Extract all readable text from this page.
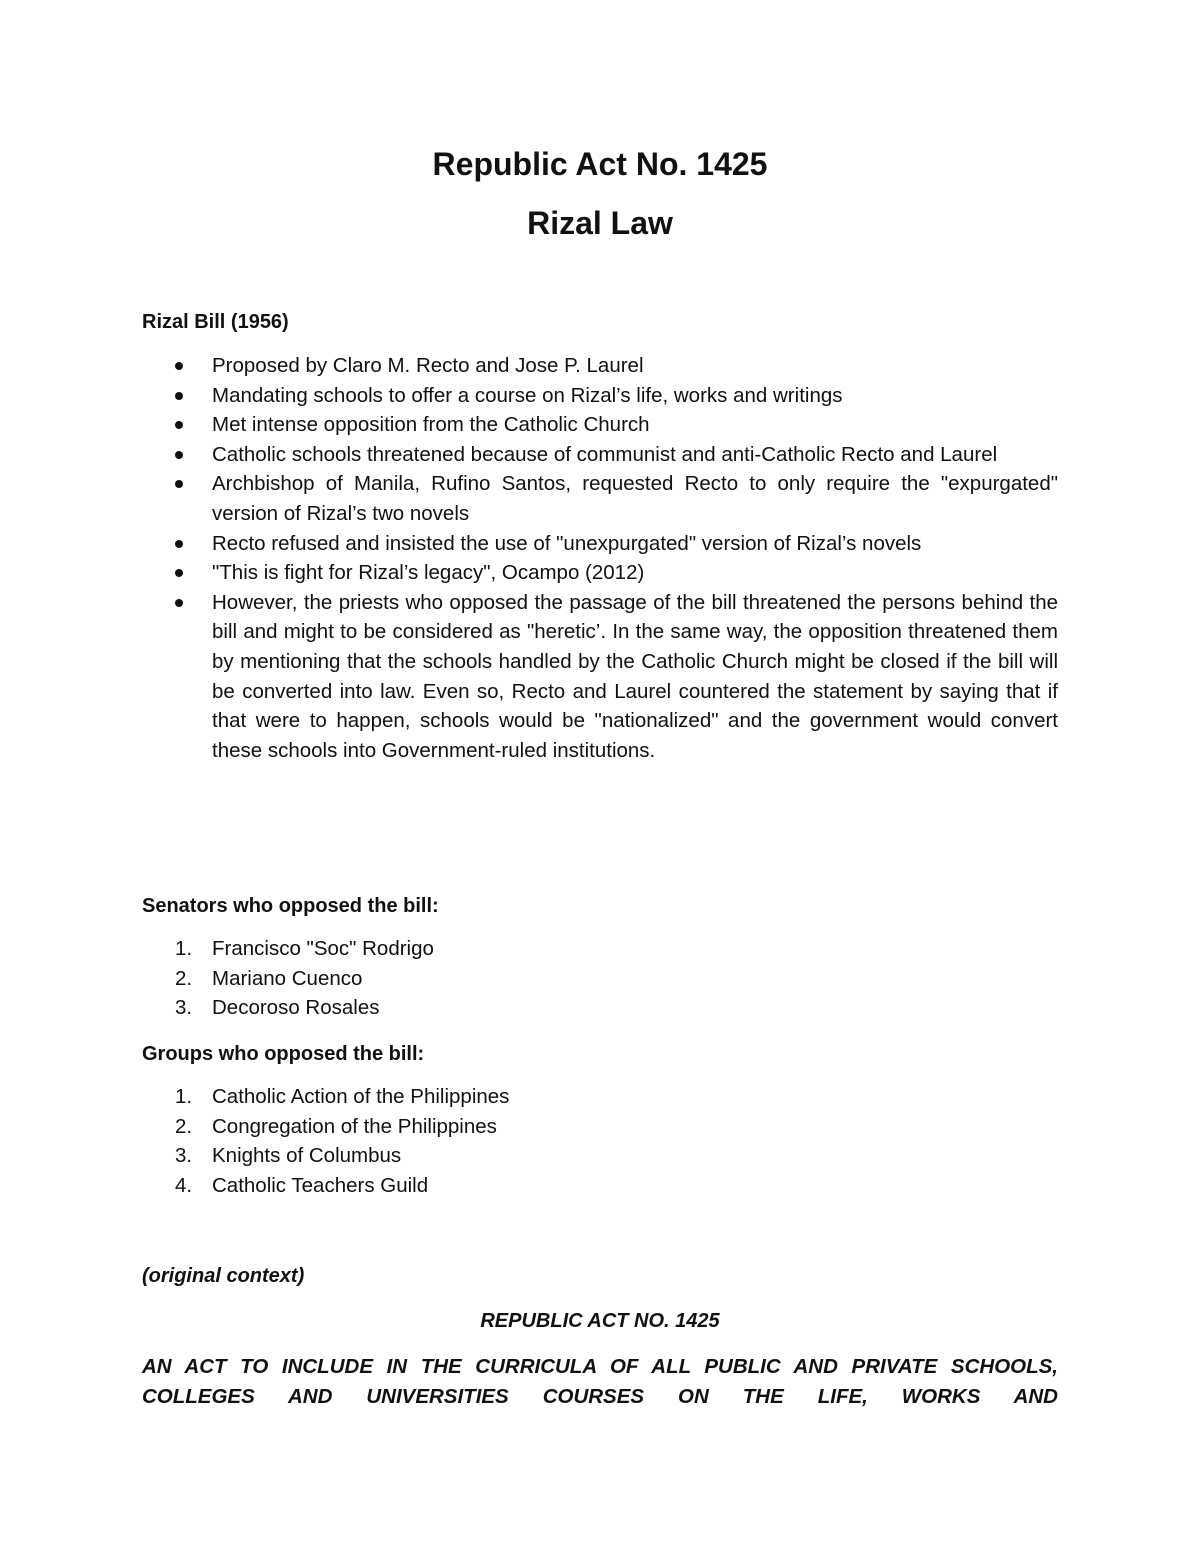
Republic Act No. 1425
Rizal Law
Rizal Bill (1956)
Proposed by Claro M. Recto and Jose P. Laurel
Mandating schools to offer a course on Rizal’s life, works and writings
Met intense opposition from the Catholic Church
Catholic schools threatened because of communist and anti-Catholic Recto and Laurel
Archbishop of Manila, Rufino Santos, requested Recto to only require the "expurgated" version of Rizal’s two novels
Recto refused and insisted the use of "unexpurgated" version of Rizal’s novels
"This is fight for Rizal’s legacy", Ocampo (2012)
However, the priests who opposed the passage of the bill threatened the persons behind the bill and might to be considered as "heretic’. In the same way, the opposition threatened them by mentioning that the schools handled by the Catholic Church might be closed if the bill will be converted into law. Even so, Recto and Laurel countered the statement by saying that if that were to happen, schools would be "nationalized" and the government would convert these schools into Government-ruled institutions.
Senators who opposed the bill:
1. Francisco "Soc" Rodrigo
2. Mariano Cuenco
3. Decoroso Rosales
Groups who opposed the bill:
1. Catholic Action of the Philippines
2. Congregation of the Philippines
3. Knights of Columbus
4. Catholic Teachers Guild

(original context)

REPUBLIC ACT NO. 1425

AN ACT TO INCLUDE IN THE CURRICULA OF ALL PUBLIC AND PRIVATE SCHOOLS, COLLEGES AND UNIVERSITIES COURSES ON THE LIFE, WORKS AND
